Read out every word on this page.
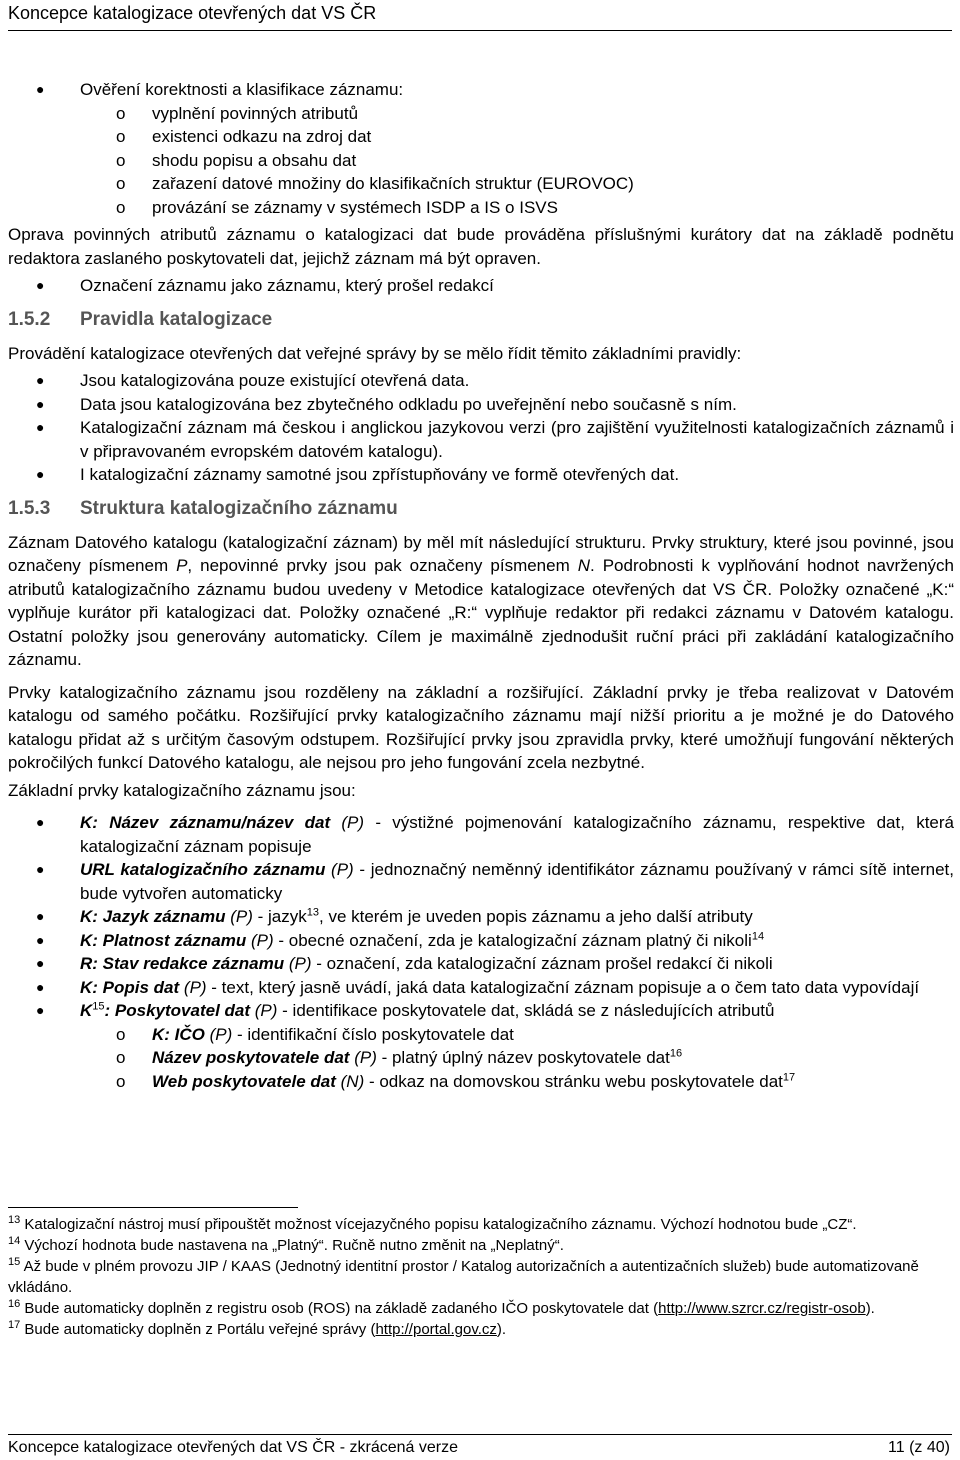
Koncepce katalogizace otevřených dat VS ČR
● Ověření korektnosti a klasifikace záznamu:
o vyplnění povinných atributů
o existenci odkazu na zdroj dat
o shodu popisu a obsahu dat
o zařazení datové množiny do klasifikačních struktur (EUROVOC)
o provázání se záznamy v systémech ISDP a IS o ISVS

Oprava povinných atributů záznamu o katalogizaci dat bude prováděna příslušnými kurátory dat na základě podnětu redaktora zaslaného poskytovateli dat, jejichž záznam má být opraven.

● Označení záznamu jako záznamu, který prošel redakcí
1.5.2 Pravidla katalogizace

Provádění katalogizace otevřených dat veřejné správy by se mělo řídit těmito základními pravidly:

● Jsou katalogizována pouze existující otevřená data.
● Data jsou katalogizována bez zbytečného odkladu po uveřejnění nebo současně s ním.
● Katalogizační záznam má českou i anglickou jazykovou verzi (pro zajištění využitelnosti katalogizačních záznamů i v připravovaném evropském datovém katalogu).

● I katalogizační záznamy samotné jsou zpřístupňovány ve formě otevřených dat.
1.5.3 Struktura katalogizačního záznamu

Záznam Datového katalogu (katalogizační záznam) by měl mít následující strukturu. Prvky struktury, které jsou povinné, jsou označeny písmenem P, nepovinné prvky jsou pak označeny písmenem N. Podrobnosti k vyplňování hodnot navržených atributů katalogizačního záznamu budou uvedeny v Metodice katalogizace otevřených dat VS ČR. Položky označené „K:“ vyplňuje kurátor při katalogizaci dat. Položky označené „R:“ vyplňuje redaktor při redakci záznamu v Datovém katalogu. Ostatní položky jsou generovány automaticky. Cílem je maximálně zjednodušit ruční práci při zakládání katalogizačního záznamu.

Prvky katalogizačního záznamu jsou rozděleny na základní a rozšiřující. Základní prvky je třeba realizovat v Datovém katalogu od samého počátku. Rozšiřující prvky katalogizačního záznamu mají nižší prioritu a je možné je do Datového katalogu přidat až s určitým časovým odstupem. Rozšiřující prvky jsou zpravidla prvky, které umožňují fungování některých pokročilých funkcí Datového katalogu, ale nejsou pro jeho fungování zcela nezbytné.

Základní prvky katalogizačního záznamu jsou:

● K: Název záznamu/název dat (P) - výstižné pojmenování katalogizačního záznamu, respektive dat, která katalogizační záznam popisuje

● URL katalogizačního záznamu (P) - jednoznačný neměnný identifikátor záznamu používaný v rámci sítě internet, bude vytvořen automaticky

● K: Jazyk záznamu (P) - jazyk$^{13}$, ve kterém je uveden popis záznamu a jeho další atributy

● K: Platnost záznamu (P) - obecné označení, zda je katalogizační záznam platný či nikoli$^{14}$

● R: Stav redakce záznamu (P) - označení, zda katalogizační záznam prošel redakcí či nikoli

● K: Popis dat (P) - text, který jasně uvádí, jaká data katalogizační záznam popisuje a o čem tato data vypovídají

● $K^{15}$: Poskytovatel dat (P) - identifikace poskytovatele dat, skládá se z následujících atributů

o K: IČO (P) - identifikační číslo poskytovatele dat
o Název poskytovatele dat (P) - platný úplný název poskytovatele dat$^{16}$
o Web poskytovatele dat (N) - odkaz na domovskou stránku webu poskytovatele dat$^{17}$

$^{13}$ Katalogizační nástroj musí připouštět možnost vícejazyčného popisu katalogizačního záznamu. Výchozí hodnotou bude „CZ“.

$^{14}$ Výchozí hodnota bude nastavena na „Platný“. Ručně nutno změnit na „Neplatný“.

$^{15}$ Až bude v plném provozu JIP / KAAS (Jednotný identitní prostor / Katalog autorizačních a autentizačních služeb) bude automatizovaně vkládáno.

$^{16}$ Bude automaticky doplněn z registru osob (ROS) na základě zadaného IČO poskytovatele dat (http://www.szrcr.cz/registr-osob).

$^{17}$ Bude automaticky doplněn z Portálu veřejné správy (http://portal.gov.cz).

Koncepce katalogizace otevřených dat VS ČR - zkrácená verze	11 (z 40)
